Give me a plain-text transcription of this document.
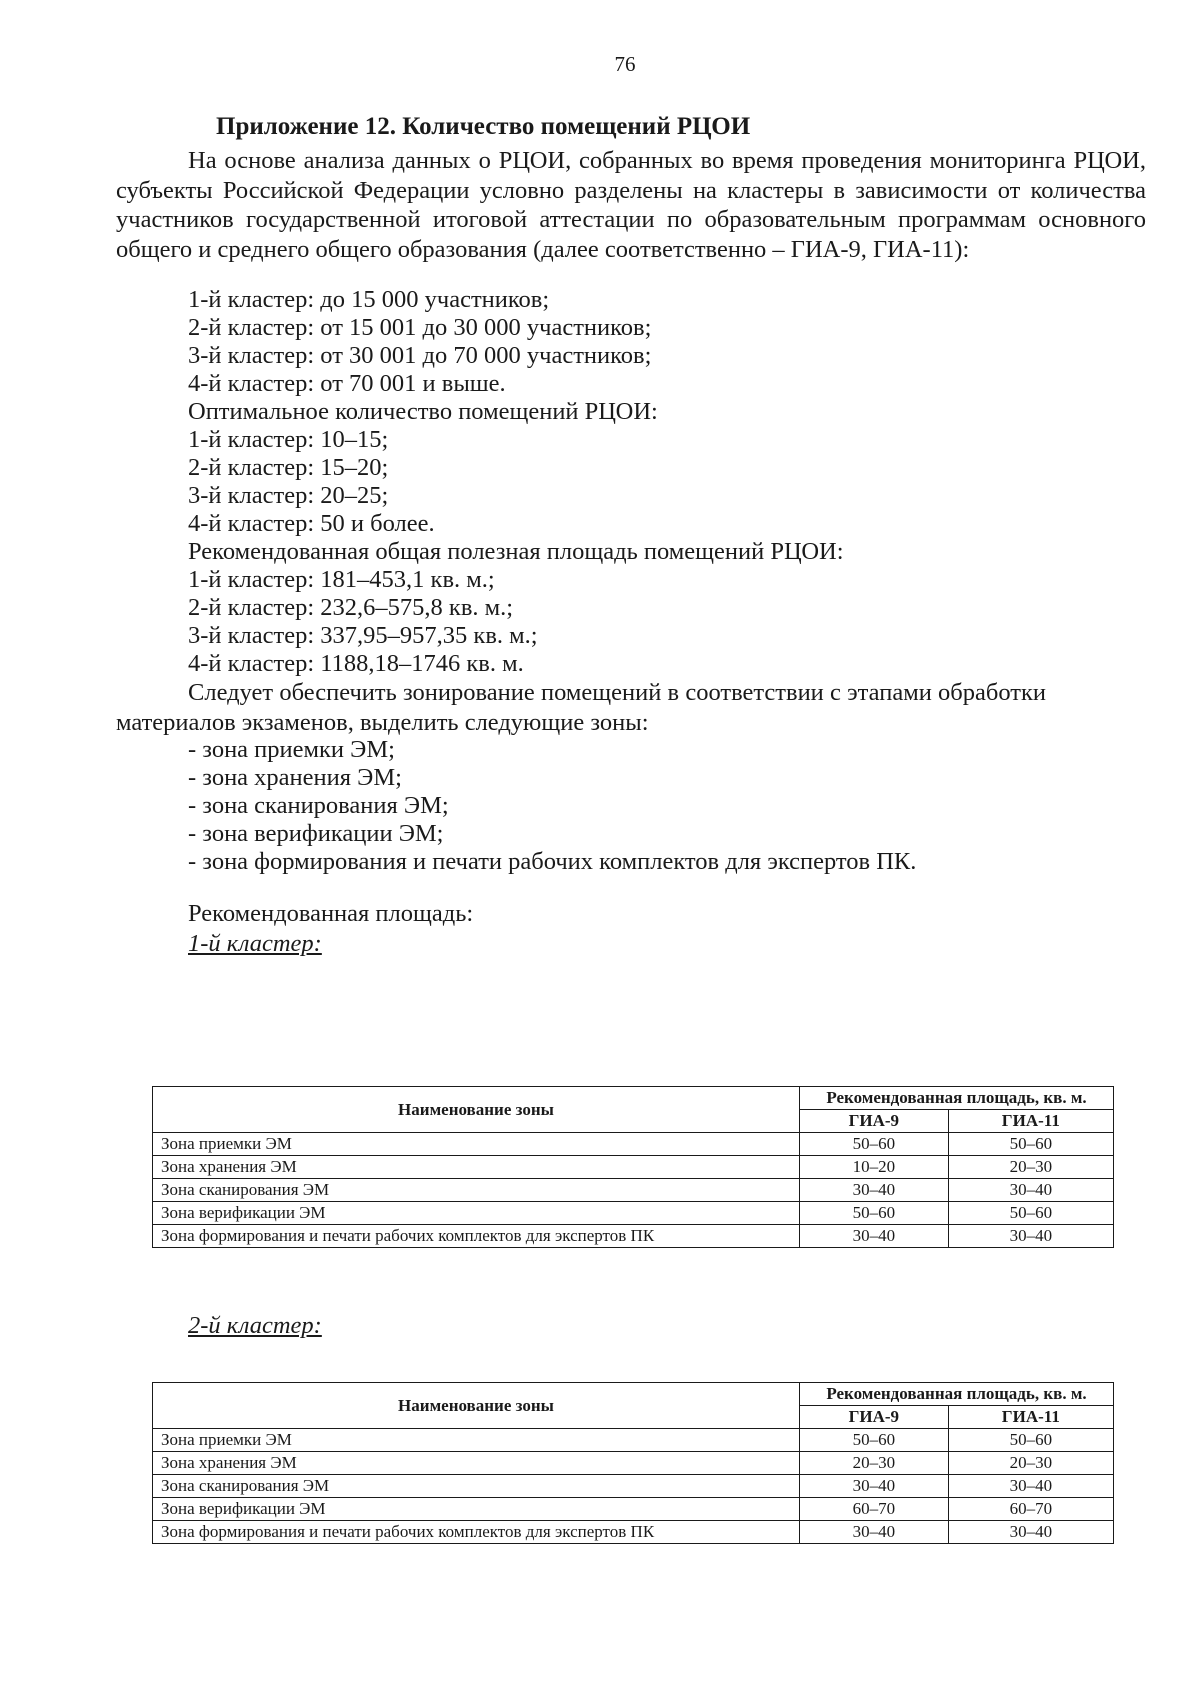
76
Приложение 12. Количество помещений РЦОИ
На основе анализа данных о РЦОИ, собранных во время проведения мониторинга РЦОИ, субъекты Российской Федерации условно разделены на кластеры в зависимости от количества участников государственной итоговой аттестации по образовательным программам основного общего и среднего общего образования (далее соответственно – ГИА-9, ГИА-11):
1-й кластер: до 15 000 участников;
2-й кластер: от 15 001 до 30 000 участников;
3-й кластер: от 30 001 до 70 000 участников;
4-й кластер: от 70 001 и выше.
Оптимальное количество помещений РЦОИ:
1-й кластер: 10–15;
2-й кластер: 15–20;
3-й кластер: 20–25;
4-й кластер: 50 и более.
Рекомендованная общая полезная площадь помещений РЦОИ:
1-й кластер: 181–453,1 кв. м.;
2-й кластер: 232,6–575,8 кв. м.;
3-й кластер: 337,95–957,35 кв. м.;
4-й кластер: 1188,18–1746 кв. м.
Следует обеспечить зонирование помещений в соответствии с этапами обработки материалов экзаменов, выделить следующие зоны:
- зона приемки ЭМ;
- зона хранения ЭМ;
- зона сканирования ЭМ;
- зона верификации ЭМ;
- зона формирования и печати рабочих комплектов для экспертов ПК.
Рекомендованная площадь:
1-й кластер:
Наименование зоны	Рекомендованная площадь, кв. м.	
	ГИА-9	ГИА-11
Зона приемки ЭМ	50–60	50–60
Зона хранения ЭМ	10–20	20–30
Зона сканирования ЭМ	30–40	30–40
Зона верификации ЭМ	50–60	50–60
Зона формирования и печати рабочих комплектов для экспертов ПК	30–40	30–40
2-й кластер:
Наименование зоны	Рекомендованная площадь, кв. м.	
	ГИА-9	ГИА-11
Зона приемки ЭМ	50–60	50–60
Зона хранения ЭМ	20–30	20–30
Зона сканирования ЭМ	30–40	30–40
Зона верификации ЭМ	60–70	60–70
Зона формирования и печати рабочих комплектов для экспертов ПК	30–40	30–40
